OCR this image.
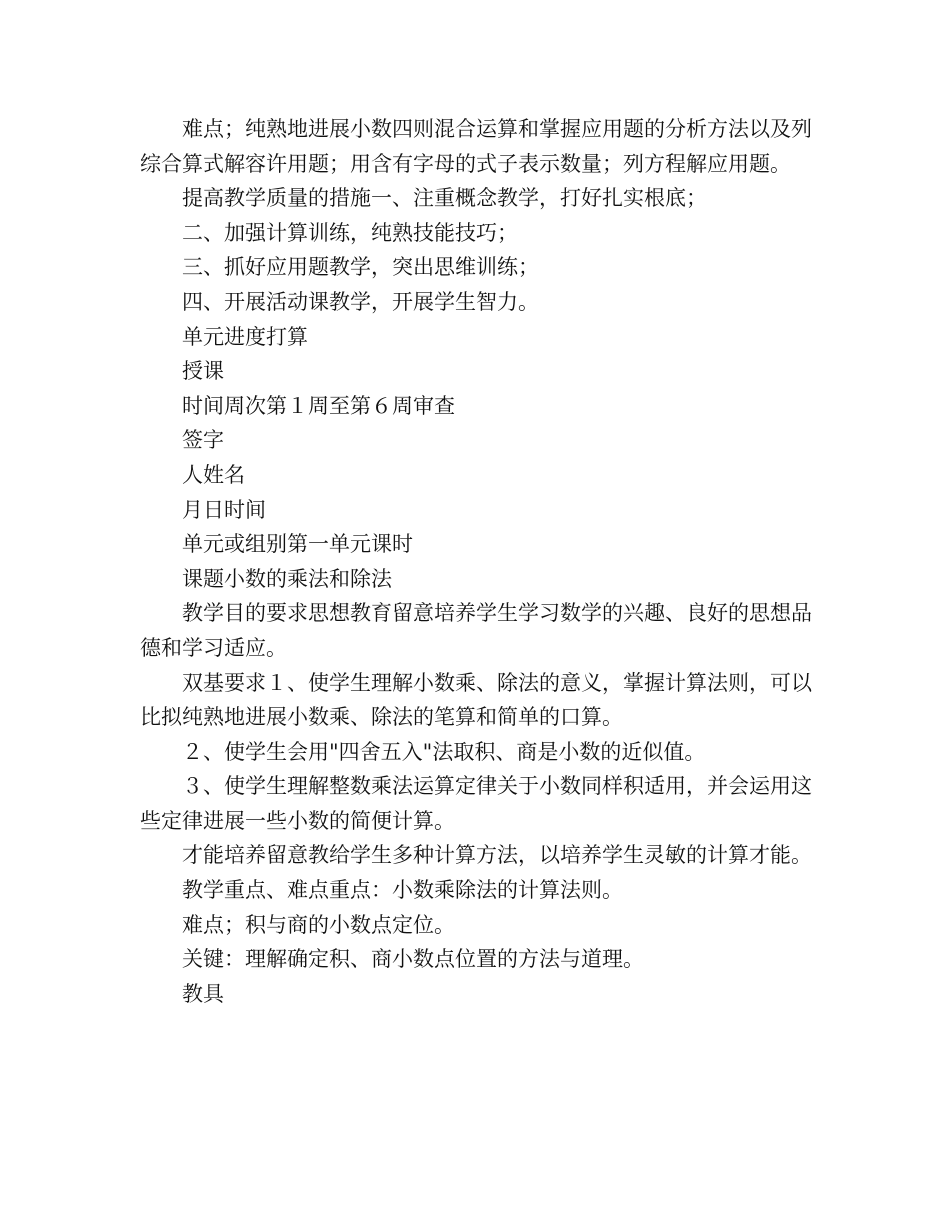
难点；纯熟地进展小数四则混合运算和掌握应用题的分析方法以及列综合算式解容许用题；用含有字母的式子表示数量；列方程解应用题。

提高教学质量的措施一、注重概念教学，打好扎实根底；

二、加强计算训练，纯熟技能技巧；

三、抓好应用题教学，突出思维训练；

四、开展活动课教学，开展学生智力。

单元进度打算

授课

时间周次第１周至第６周审查

签字

人姓名

月日时间

单元或组别第一单元课时

课题小数的乘法和除法

教学目的要求思想教育留意培养学生学习数学的兴趣、良好的思想品德和学习适应。

双基要求１、使学生理解小数乘、除法的意义，掌握计算法则，可以比拟纯熟地进展小数乘、除法的笔算和简单的口算。

２、使学生会用"四舍五入"法取积、商是小数的近似值。

３、使学生理解整数乘法运算定律关于小数同样积适用，并会运用这些定律进展一些小数的简便计算。

才能培养留意教给学生多种计算方法，以培养学生灵敏的计算才能。

教学重点、难点重点：小数乘除法的计算法则。

难点；积与商的小数点定位。

关键：理解确定积、商小数点位置的方法与道理。

教具
